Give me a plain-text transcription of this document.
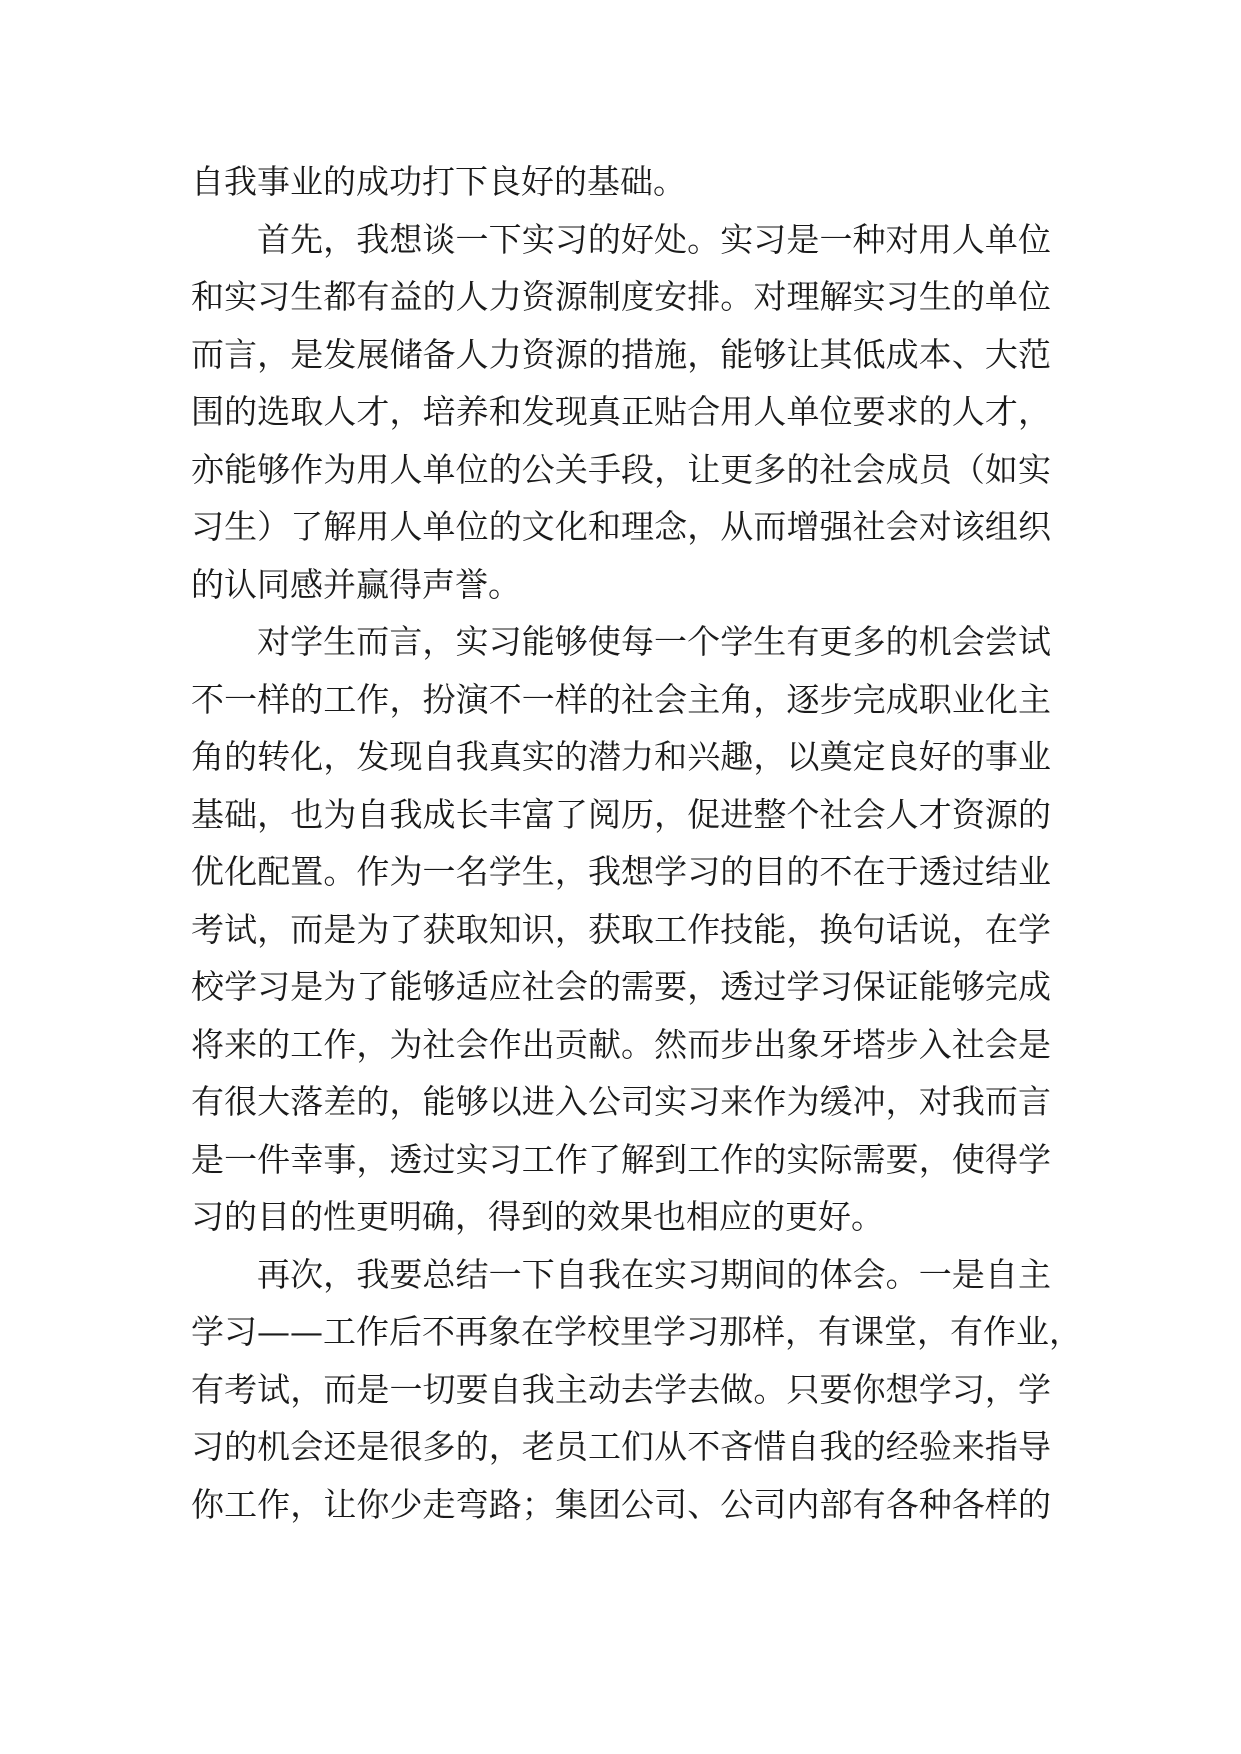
自我事业的成功打下良好的基础。
首先，我想谈一下实习的好处。实习是一种对用人单位
和实习生都有益的人力资源制度安排。对理解实习生的单位
而言，是发展储备人力资源的措施，能够让其低成本、大范
围的选取人才，培养和发现真正贴合用人单位要求的人才，
亦能够作为用人单位的公关手段，让更多的社会成员（如实
习生）了解用人单位的文化和理念，从而增强社会对该组织
的认同感并赢得声誉。
对学生而言，实习能够使每一个学生有更多的机会尝试
不一样的工作，扮演不一样的社会主角，逐步完成职业化主
角的转化，发现自我真实的潜力和兴趣，以奠定良好的事业
基础，也为自我成长丰富了阅历，促进整个社会人才资源的
优化配置。作为一名学生，我想学习的目的不在于透过结业
考试，而是为了获取知识，获取工作技能，换句话说，在学
校学习是为了能够适应社会的需要，透过学习保证能够完成
将来的工作，为社会作出贡献。然而步出象牙塔步入社会是
有很大落差的，能够以进入公司实习来作为缓冲，对我而言
是一件幸事，透过实习工作了解到工作的实际需要，使得学
习的目的性更明确，得到的效果也相应的更好。
再次，我要总结一下自我在实习期间的体会。一是自主
学习——工作后不再象在学校里学习那样，有课堂，有作业，
有考试，而是一切要自我主动去学去做。只要你想学习，学
习的机会还是很多的，老员工们从不吝惜自我的经验来指导
你工作，让你少走弯路；集团公司、公司内部有各种各样的
